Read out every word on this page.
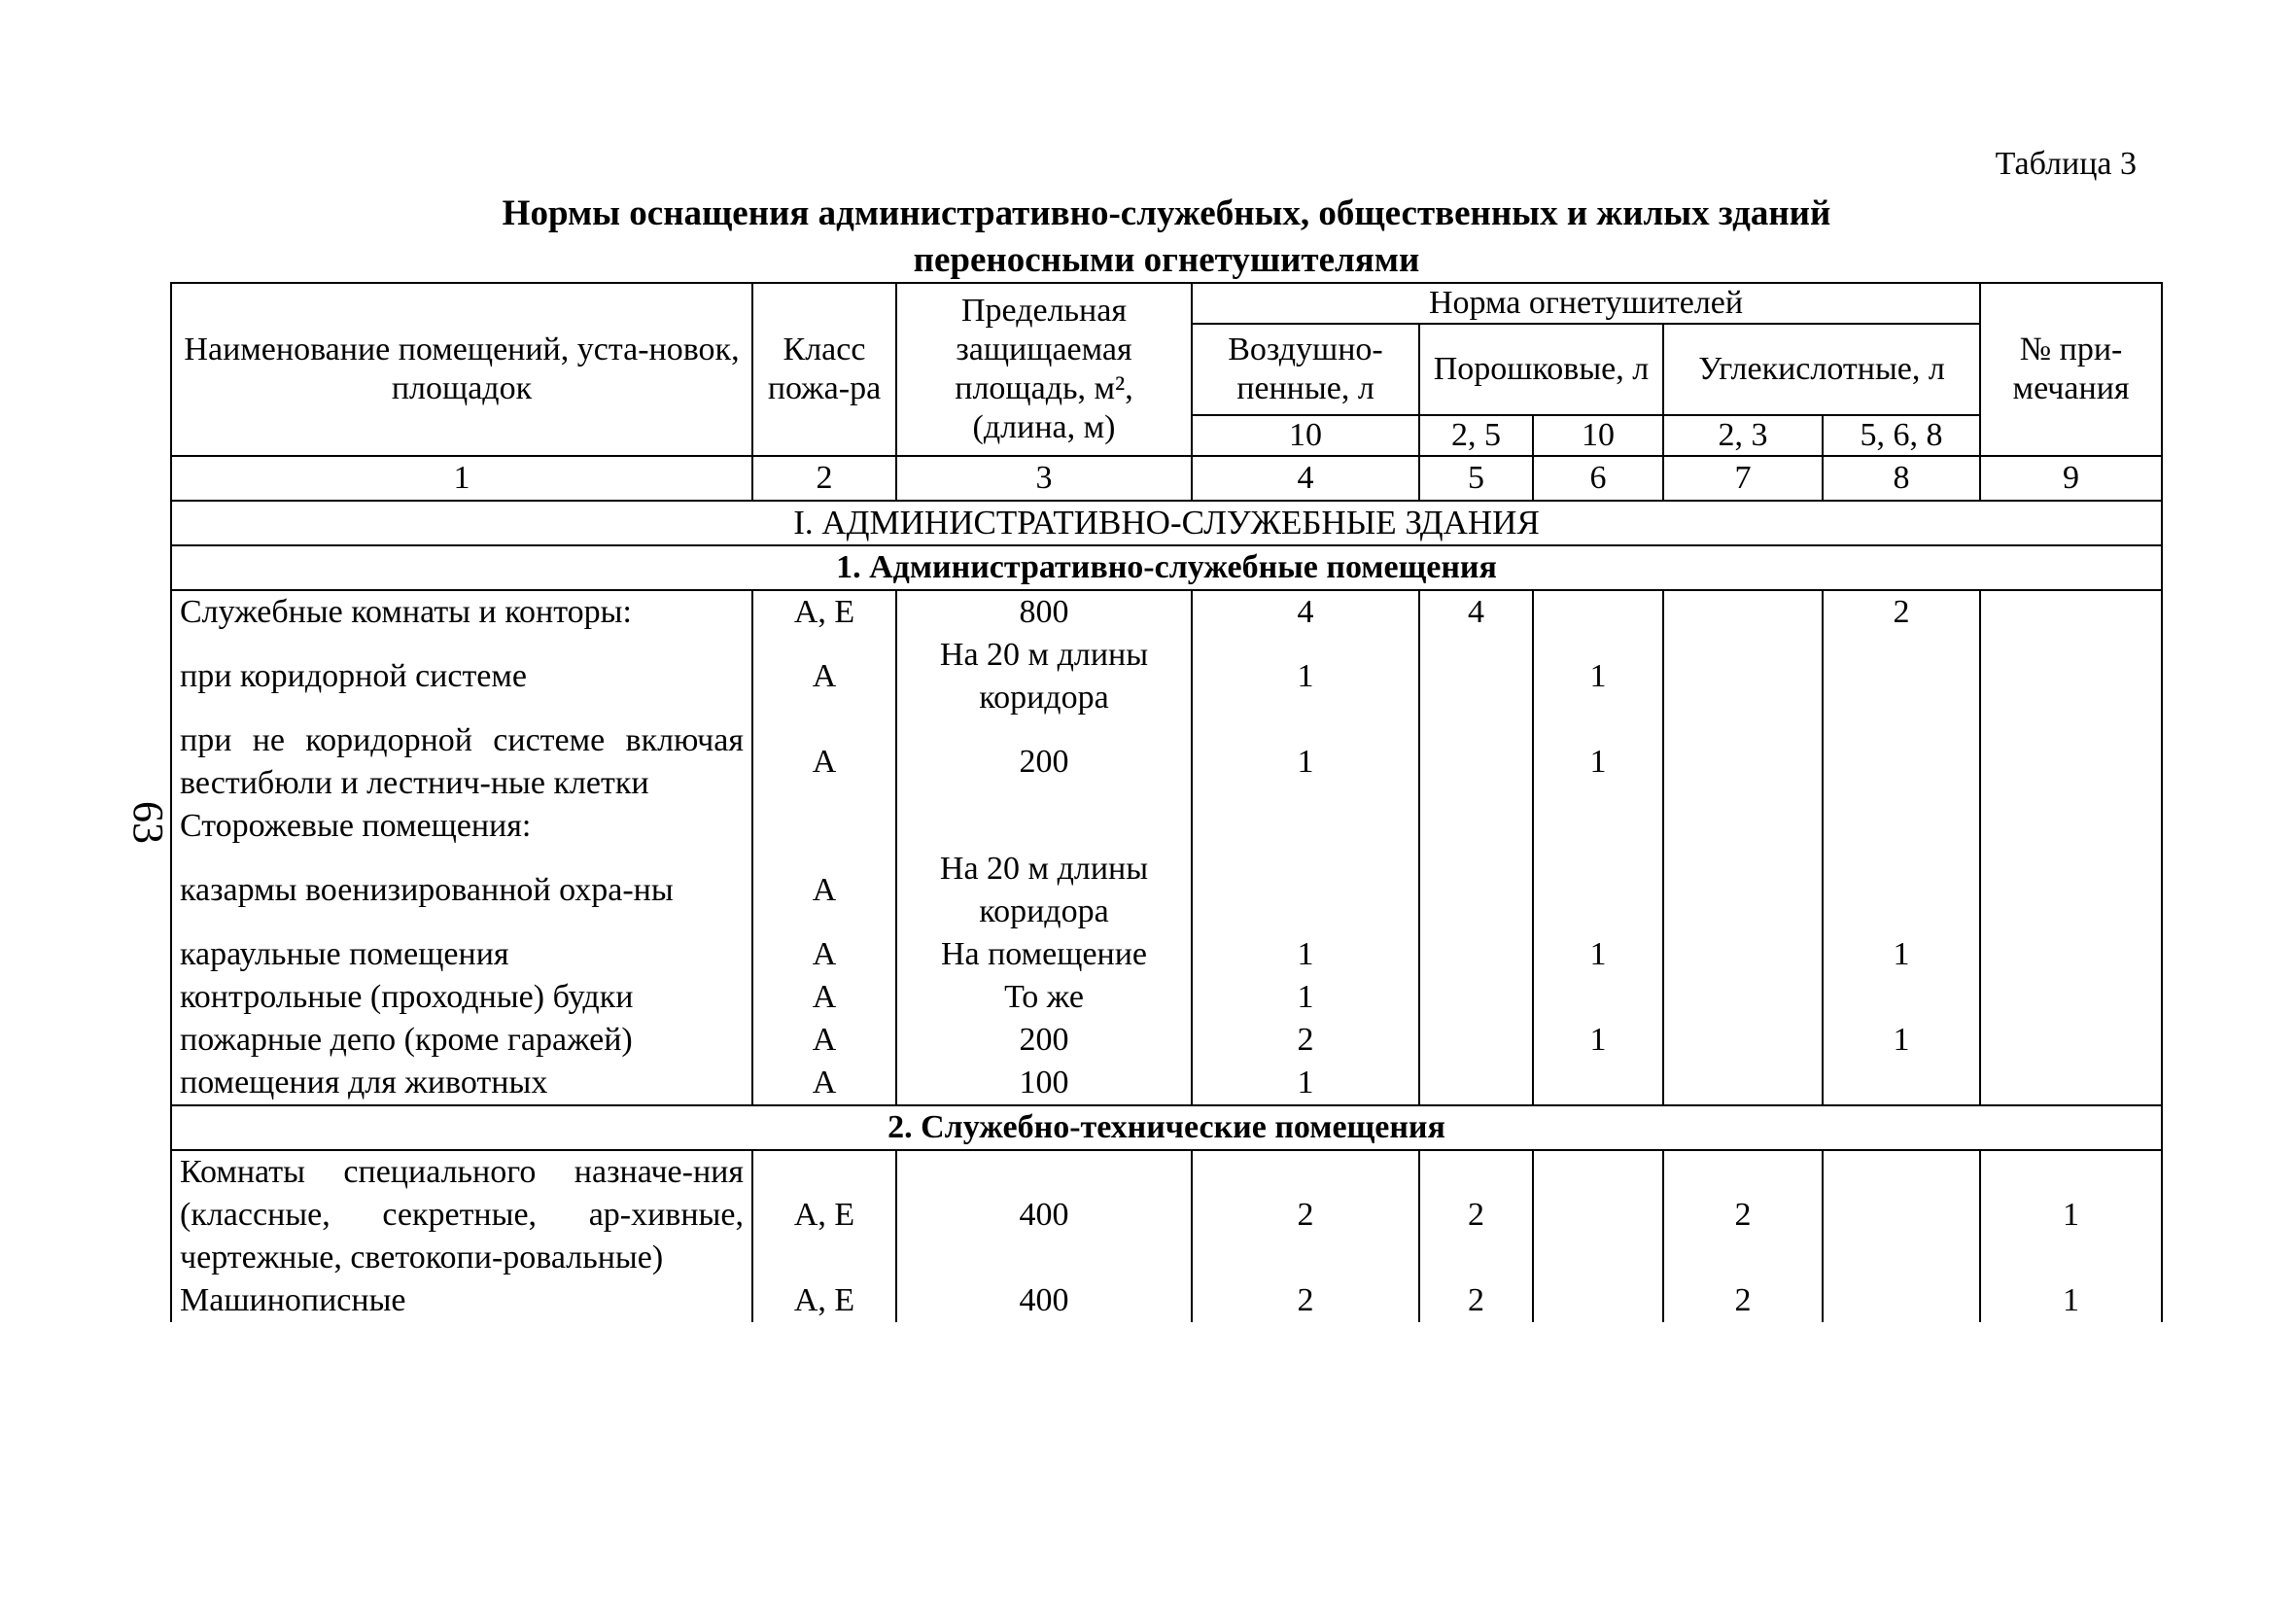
63
Таблица 3
Нормы оснащения административно-служебных, общественных и жилых зданий
переносными огнетушителями
Наименование помещений, уста-новок, площадок	Класс пожа-ра	Предельная защищаемая площадь, м², (длина, м)	Норма огнетушителей					№ при-мечания
			Воздушно-пенные, л	Порошковые, л		Углекислотные, л		
			10	2, 5	10	2, 3	5, 6, 8	
1	2	3	4	5	6	7	8	9
I. АДМИНИСТРАТИВНО-СЛУЖЕБНЫЕ ЗДАНИЯ								
1. Административно-служебные помещения								
Служебные комнаты и конторы:	А, Е	800	4	4			2	
при коридорной системе	А	На 20 м длины коридора	1		1			
при не коридорной системе включая вестибюли и лестнич-ные клетки	А	200	1		1			
Сторожевые помещения:								
казармы военизированной охра-ны	А	На 20 м длины коридора						
караульные помещения	А	На помещение	1		1		1	
контрольные (проходные) будки	А	То же	1					
пожарные депо (кроме гаражей)	А	200	2		1		1	
помещения для животных	А	100	1					
2. Служебно-технические помещения								
Комнаты специального назначе-ния (классные, секретные, ар-хивные, чертежные, светокопи-ровальные)	А, Е	400	2	2		2		1
Машинописные	А, Е	400	2	2		2		1
